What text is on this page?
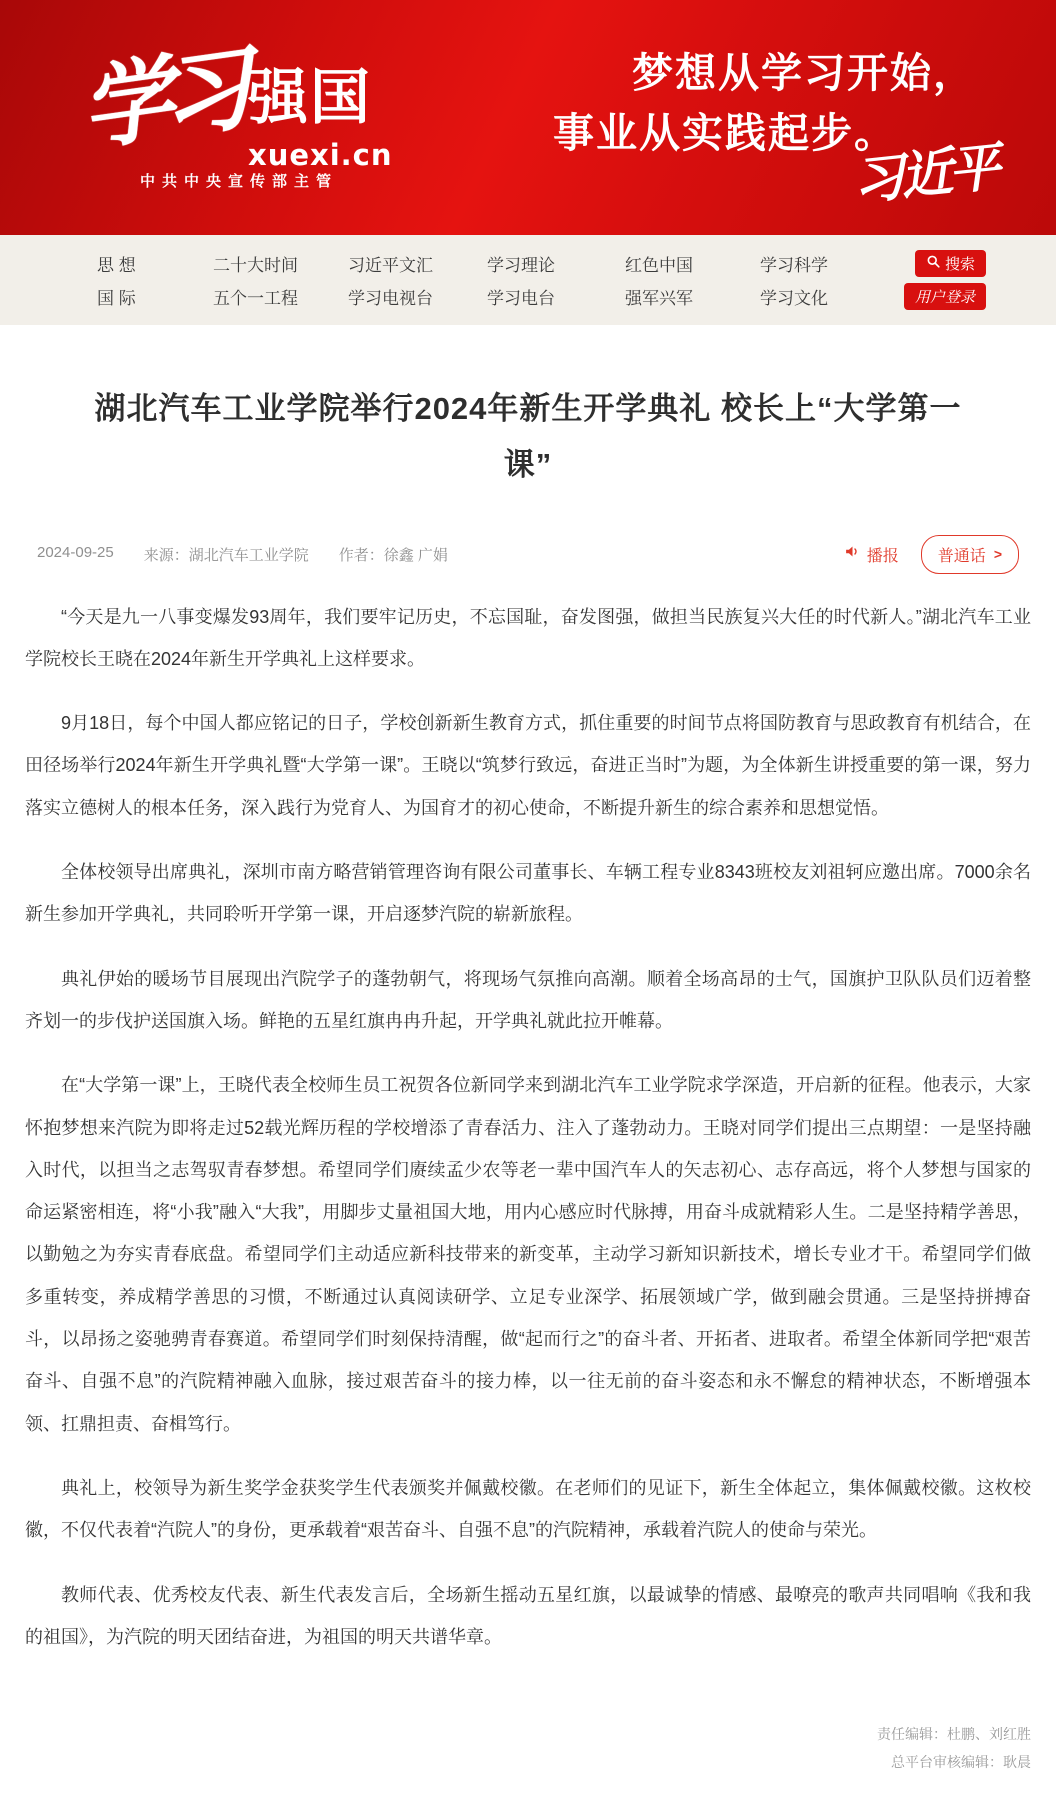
学习 强国
xuexi.cn
中共中央宣传部主管
梦想从学习开始，
事业从实践起步。
习近平
思 想	二十大时间	习近平文汇	学习理论	红色中国	学习科学	搜索
国 际	五个一工程	学习电视台	学习电台	强军兴军	学习文化	用户登录
湖北汽车工业学院举行2024年新生开学典礼 校长上“大学第一课”
2024-09-25 来源：湖北汽车工业学院 作者：徐鑫 广娟	播报 普通话 >

“今天是九一八事变爆发93周年，我们要牢记历史，不忘国耻，奋发图强，做担当民族复兴大任的时代新人。”湖北汽车工业学院校长王晓在2024年新生开学典礼上这样要求。

9月18日，每个中国人都应铭记的日子，学校创新新生教育方式，抓住重要的时间节点将国防教育与思政教育有机结合，在田径场举行2024年新生开学典礼暨“大学第一课”。王晓以“筑梦行致远，奋进正当时”为题，为全体新生讲授重要的第一课，努力落实立德树人的根本任务，深入践行为党育人、为国育才的初心使命，不断提升新生的综合素养和思想觉悟。

全体校领导出席典礼，深圳市南方略营销管理咨询有限公司董事长、车辆工程专业8343班校友刘祖轲应邀出席。7000余名新生参加开学典礼，共同聆听开学第一课，开启逐梦汽院的崭新旅程。

典礼伊始的暖场节目展现出汽院学子的蓬勃朝气，将现场气氛推向高潮。顺着全场高昂的士气，国旗护卫队队员们迈着整齐划一的步伐护送国旗入场。鲜艳的五星红旗冉冉升起，开学典礼就此拉开帷幕。

在“大学第一课”上，王晓代表全校师生员工祝贺各位新同学来到湖北汽车工业学院求学深造，开启新的征程。他表示，大家怀抱梦想来汽院为即将走过52载光辉历程的学校增添了青春活力、注入了蓬勃动力。王晓对同学们提出三点期望：一是坚持融入时代，以担当之志驾驭青春梦想。希望同学们赓续孟少农等老一辈中国汽车人的矢志初心、志存高远，将个人梦想与国家的命运紧密相连，将“小我”融入“大我”，用脚步丈量祖国大地，用内心感应时代脉搏，用奋斗成就精彩人生。二是坚持精学善思，以勤勉之为夯实青春底盘。希望同学们主动适应新科技带来的新变革，主动学习新知识新技术，增长专业才干。希望同学们做多重转变，养成精学善思的习惯，不断通过认真阅读研学、立足专业深学、拓展领域广学，做到融会贯通。三是坚持拼搏奋斗，以昂扬之姿驰骋青春赛道。希望同学们时刻保持清醒，做“起而行之”的奋斗者、开拓者、进取者。希望全体新同学把“艰苦奋斗、自强不息”的汽院精神融入血脉，接过艰苦奋斗的接力棒，以一往无前的奋斗姿态和永不懈怠的精神状态，不断增强本领、扛鼎担责、奋楫笃行。

典礼上，校领导为新生奖学金获奖学生代表颁奖并佩戴校徽。在老师们的见证下，新生全体起立，集体佩戴校徽。这枚校徽，不仅代表着“汽院人”的身份，更承载着“艰苦奋斗、自强不息”的汽院精神，承载着汽院人的使命与荣光。

教师代表、优秀校友代表、新生代表发言后，全场新生摇动五星红旗，以最诚挚的情感、最嘹亮的歌声共同唱响《我和我的祖国》，为汽院的明天团结奋进，为祖国的明天共谱华章。

责任编辑：杜鹏、刘红胜
总平台审核编辑：耿晨
